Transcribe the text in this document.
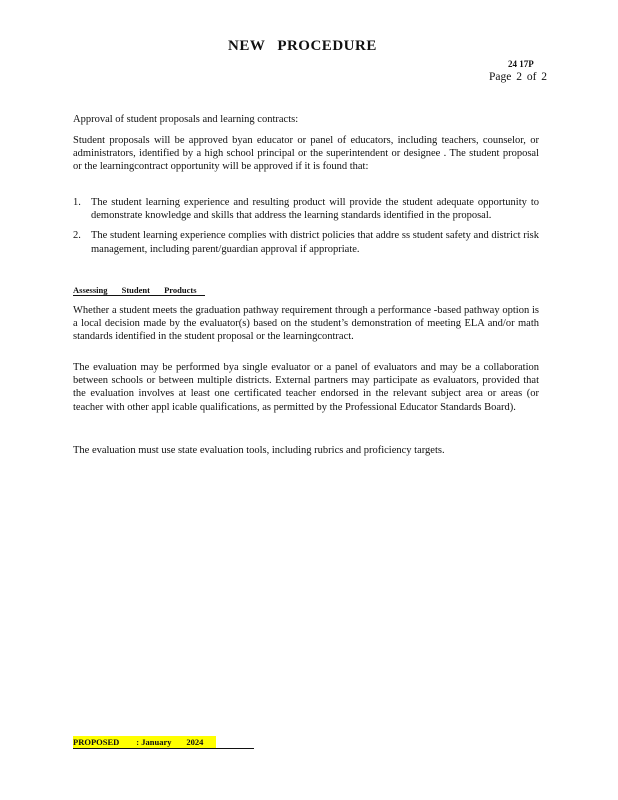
NEW PROCEDURE
24 17P
Page 2 of 2
Approval of student proposals and learning contracts:
Student proposals will be approved byan educator or panel of educators, including teachers, counselor, or administrators, identified by a high school principal or the superintendent or designee . The student proposal or the learningcontract opportunity will be approved if it is found that:
1. The student learning experience and resulting product will provide the student adequate opportunity to demonstrate knowledge and skills that address the learning standards identified in the proposal.
2. The student learning experience complies with district policies that addre ss student safety and district risk management, including parent/guardian approval if appropriate.
Assessing Student Products
Whether a student meets the graduation pathway requirement through a performance -based pathway option is a local decision made by the evaluator(s) based on the student’s demonstration of meeting ELA and/or math standards identified in the student proposal or the learningcontract.
The evaluation may be performed bya single evaluator or a panel of evaluators and may be a collaboration between schools or between multiple districts. External partners may participate as evaluators, provided that the evaluation involves at least one certificated teacher endorsed in the relevant subject area or areas (or teacher with other appl icable qualifications, as permitted by the Professional Educator Standards Board).
The evaluation must use state evaluation tools, including rubrics and proficiency targets.
PROPOSED        : January       2024
